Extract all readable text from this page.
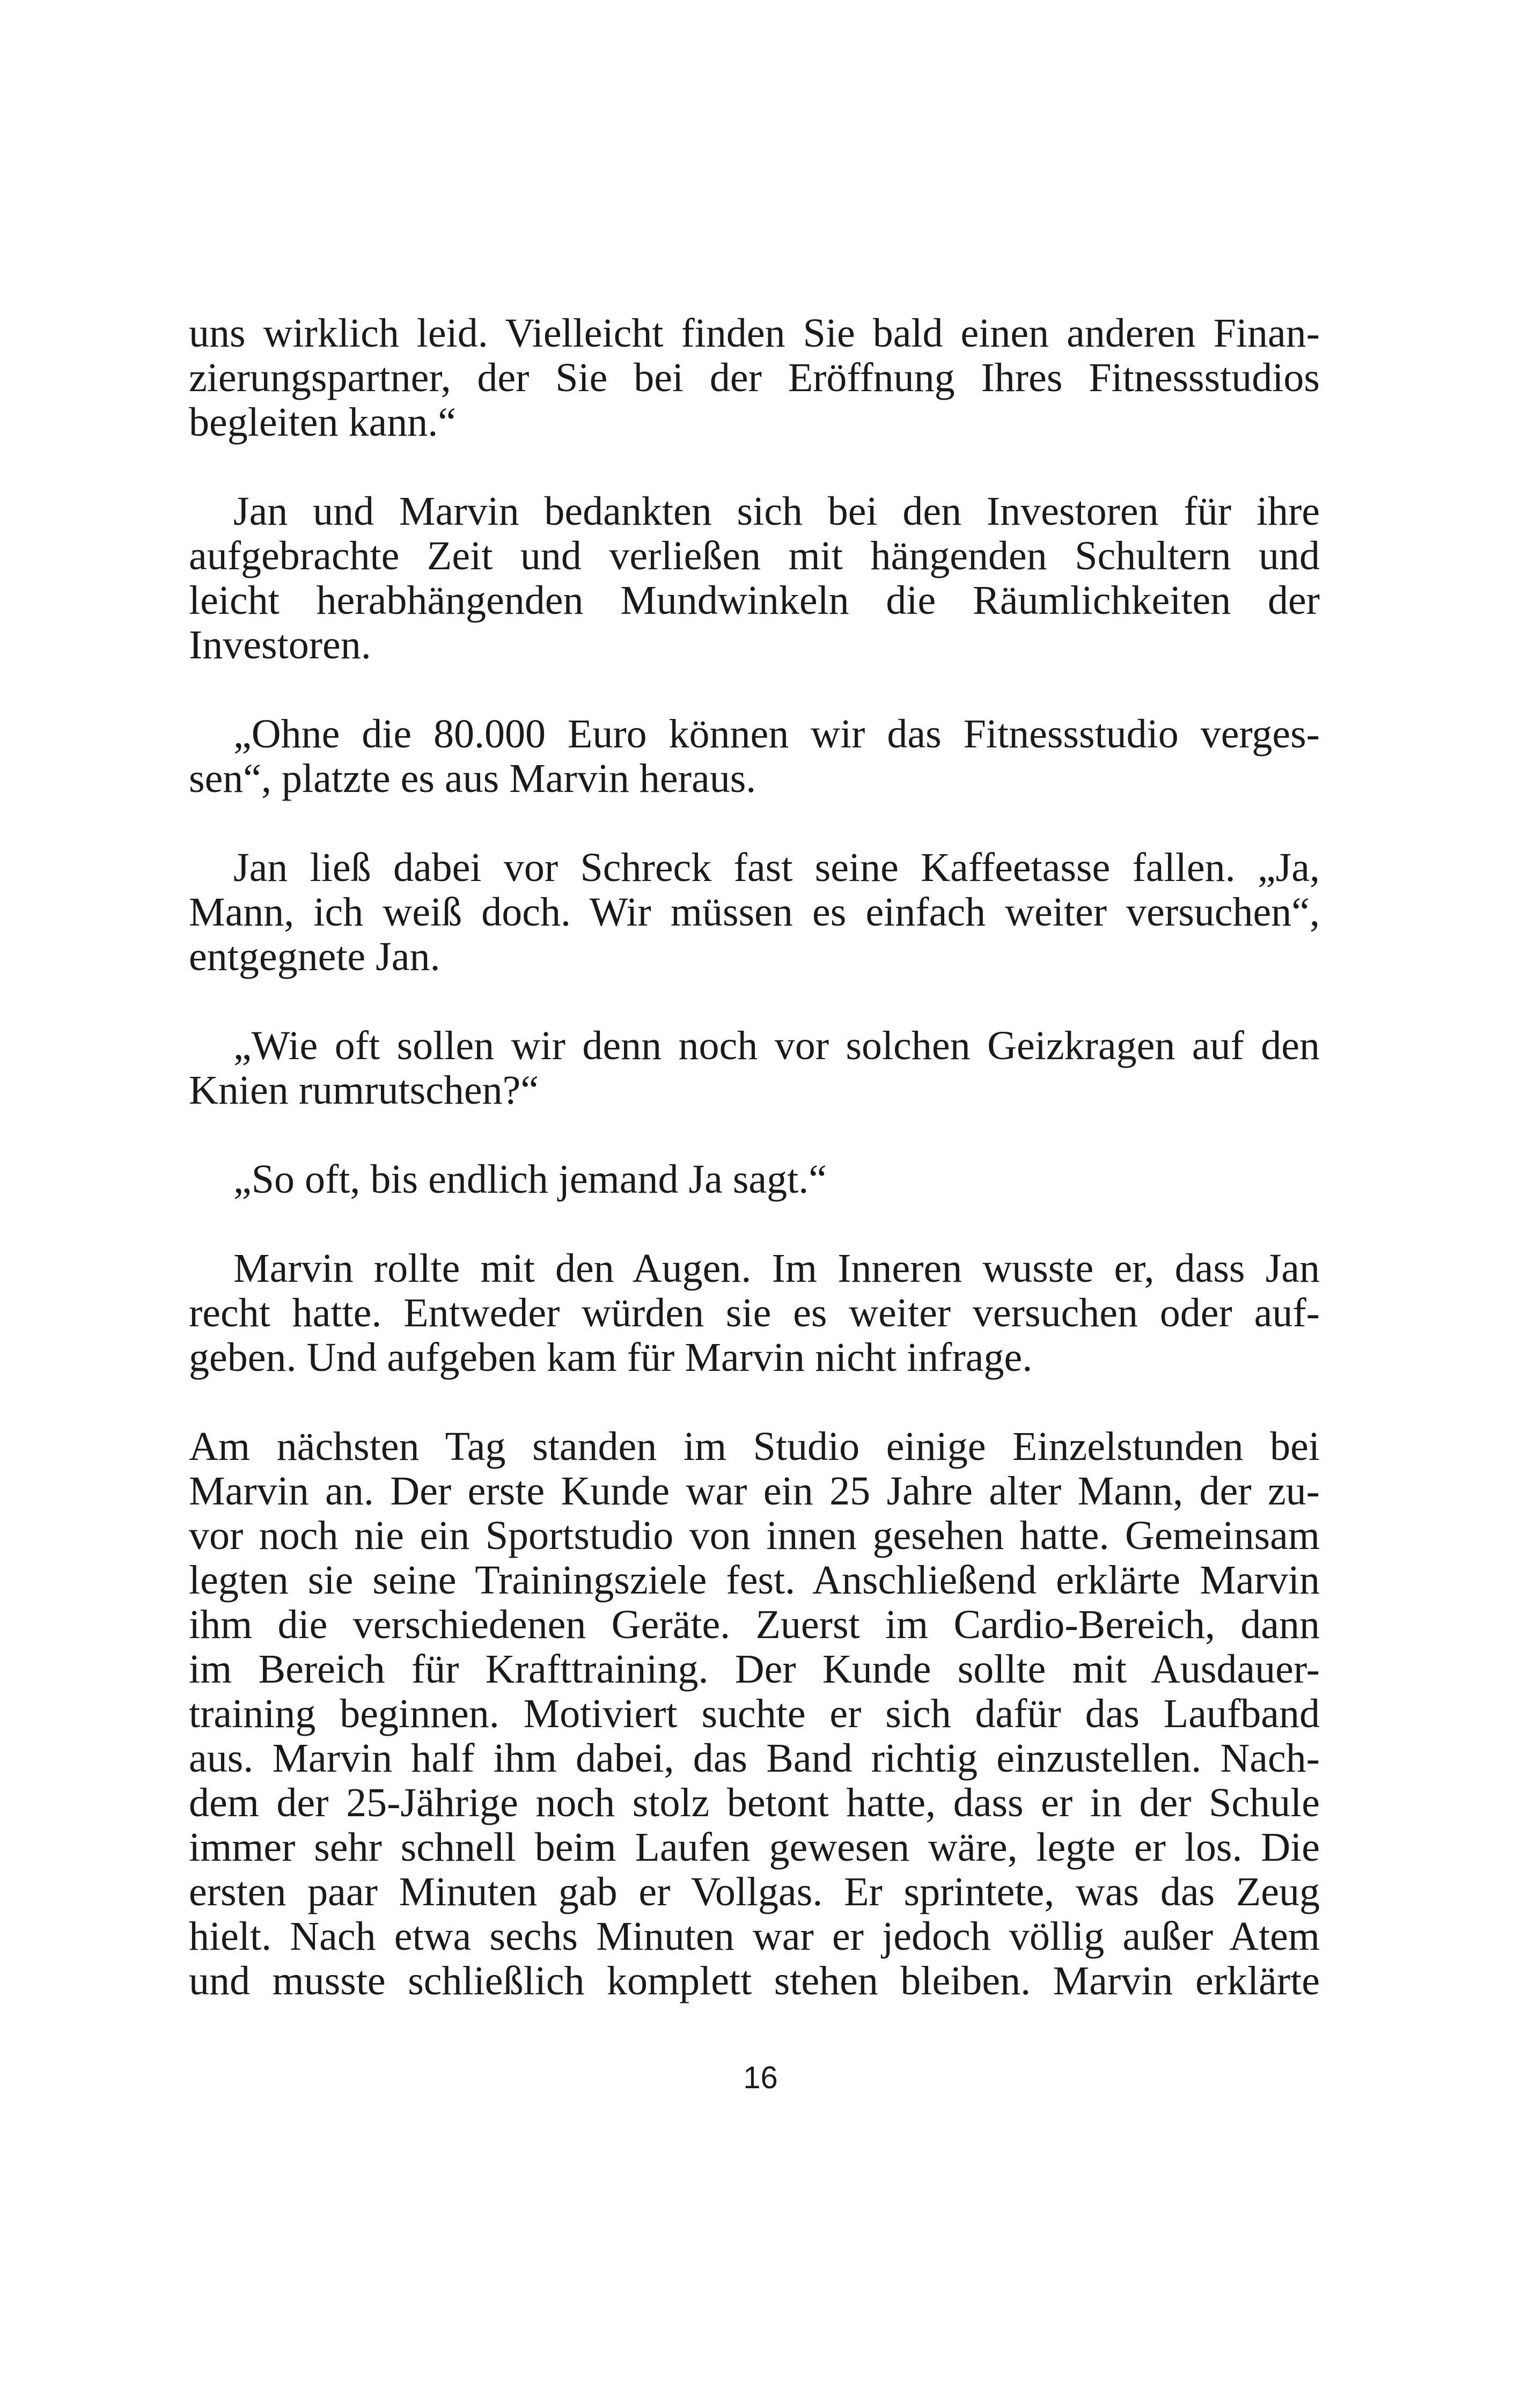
uns wirklich leid. Vielleicht finden Sie bald einen anderen Finan-
zierungspartner, der Sie bei der Eröffnung Ihres Fitnessstudios
begleiten kann.“
Jan und Marvin bedankten sich bei den Investoren für ihre
aufgebrachte Zeit und verließen mit hängenden Schultern und
leicht herabhängenden Mundwinkeln die Räumlichkeiten der
Investoren.
„Ohne die 80.000 Euro können wir das Fitnessstudio verges-
sen“, platzte es aus Marvin heraus.
Jan ließ dabei vor Schreck fast seine Kaffeetasse fallen. „Ja,
Mann, ich weiß doch. Wir müssen es einfach weiter versuchen“,
entgegnete Jan.
„Wie oft sollen wir denn noch vor solchen Geizkragen auf den
Knien rumrutschen?“
„So oft, bis endlich jemand Ja sagt.“
Marvin rollte mit den Augen. Im Inneren wusste er, dass Jan
recht hatte. Entweder würden sie es weiter versuchen oder auf-
geben. Und aufgeben kam für Marvin nicht infrage.
Am nächsten Tag standen im Studio einige Einzelstunden bei
Marvin an. Der erste Kunde war ein 25 Jahre alter Mann, der zu-
vor noch nie ein Sportstudio von innen gesehen hatte. Gemeinsam
legten sie seine Trainingsziele fest. Anschließend erklärte Marvin
ihm die verschiedenen Geräte. Zuerst im Cardio-Bereich, dann
im Bereich für Krafttraining. Der Kunde sollte mit Ausdauer-
training beginnen. Motiviert suchte er sich dafür das Laufband
aus. Marvin half ihm dabei, das Band richtig einzustellen. Nach-
dem der 25-Jährige noch stolz betont hatte, dass er in der Schule
immer sehr schnell beim Laufen gewesen wäre, legte er los. Die
ersten paar Minuten gab er Vollgas. Er sprintete, was das Zeug
hielt. Nach etwa sechs Minuten war er jedoch völlig außer Atem
und musste schließlich komplett stehen bleiben. Marvin erklärte
16
